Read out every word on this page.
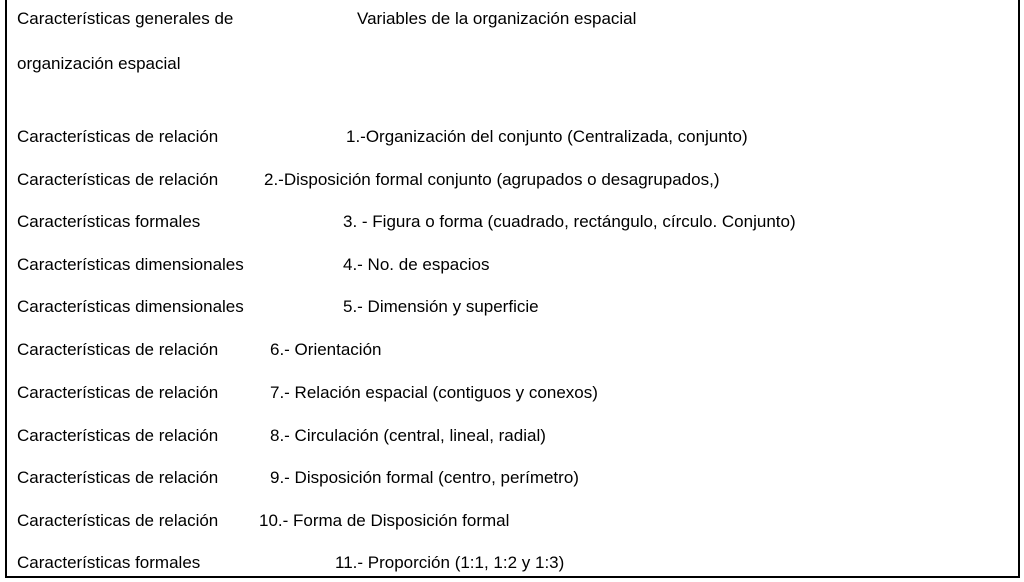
Características generales de	Variables de la organización espacial
organización espacial
Características de relación	1.-Organización del conjunto (Centralizada, conjunto)
Características de relación	2.-Disposición formal conjunto (agrupados o desagrupados,)
Características formales	3. - Figura o forma (cuadrado, rectángulo, círculo. Conjunto)
Características dimensionales	4.- No. de espacios
Características dimensionales	5.- Dimensión y superficie
Características de relación	6.- Orientación
Características de relación	7.- Relación espacial (contiguos y conexos)
Características de relación	8.- Circulación (central, lineal, radial)
Características de relación	9.- Disposición formal (centro, perímetro)
Características de relación 10.- Forma de Disposición formal
Características formales	11.- Proporción (1:1, 1:2 y 1:3)
